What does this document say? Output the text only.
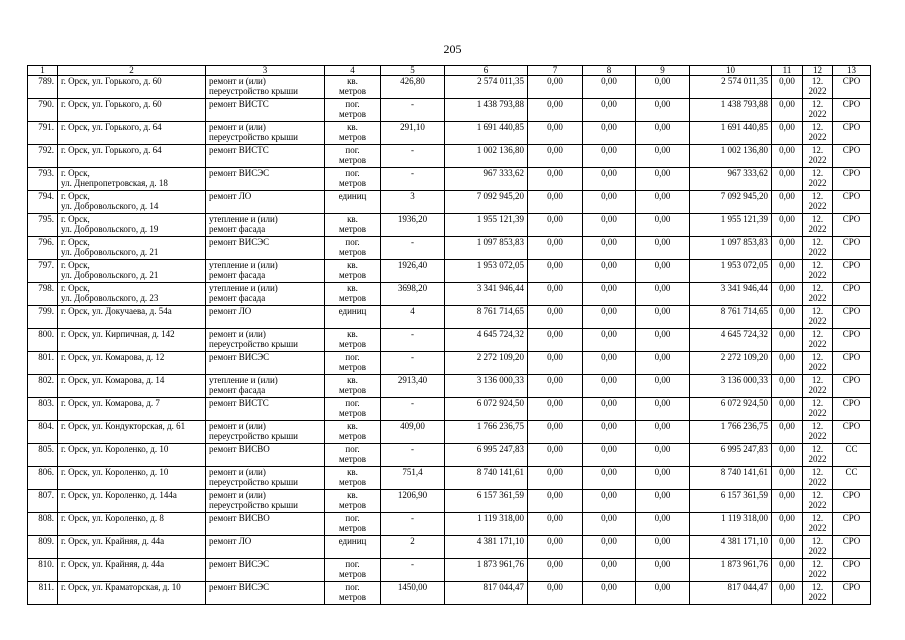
205
1	2	3	4	5	6	7	8	9	10	11	12	13
789.	г. Орск, ул. Горького, д. 60	ремонт и (или)
переустройство крыши	кв.
метров	426,80	2 574 011,35	0,00	0,00	0,00	2 574 011,35	0,00	12.
2022	СРО
790.	г. Орск, ул. Горького, д. 60	ремонт ВИСТС	пог.
метров	-	1 438 793,88	0,00	0,00	0,00	1 438 793,88	0,00	12.
2022	СРО
791.	г. Орск, ул. Горького, д. 64	ремонт и (или)
переустройство крыши	кв.
метров	291,10	1 691 440,85	0,00	0,00	0,00	1 691 440,85	0,00	12.
2022	СРО
792.	г. Орск, ул. Горького, д. 64	ремонт ВИСТС	пог.
метров	-	1 002 136,80	0,00	0,00	0,00	1 002 136,80	0,00	12.
2022	СРО
793.	г. Орск,
ул. Днепропетровская, д. 18	ремонт ВИСЭС	пог.
метров	-	967 333,62	0,00	0,00	0,00	967 333,62	0,00	12.
2022	СРО
794.	г. Орск,
ул. Добровольского, д. 14	ремонт ЛО	единиц	3	7 092 945,20	0,00	0,00	0,00	7 092 945,20	0,00	12.
2022	СРО
795.	г. Орск,
ул. Добровольского, д. 19	утепление и (или)
ремонт фасада	кв.
метров	1936,20	1 955 121,39	0,00	0,00	0,00	1 955 121,39	0,00	12.
2022	СРО
796.	г. Орск,
ул. Добровольского, д. 21	ремонт ВИСЭС	пог.
метров	-	1 097 853,83	0,00	0,00	0,00	1 097 853,83	0,00	12.
2022	СРО
797.	г. Орск,
ул. Добровольского, д. 21	утепление и (или)
ремонт фасада	кв.
метров	1926,40	1 953 072,05	0,00	0,00	0,00	1 953 072,05	0,00	12.
2022	СРО
798.	г. Орск,
ул. Добровольского, д. 23	утепление и (или)
ремонт фасада	кв.
метров	3698,20	3 341 946,44	0,00	0,00	0,00	3 341 946,44	0,00	12.
2022	СРО
799.	г. Орск, ул. Докучаева, д. 54а	ремонт ЛО	единиц	4	8 761 714,65	0,00	0,00	0,00	8 761 714,65	0,00	12.
2022	СРО
800.	г. Орск, ул. Кирпичная, д. 142	ремонт и (или)
переустройство крыши	кв.
метров	-	4 645 724,32	0,00	0,00	0,00	4 645 724,32	0,00	12.
2022	СРО
801.	г. Орск, ул. Комарова, д. 12	ремонт ВИСЭС	пог.
метров	-	2 272 109,20	0,00	0,00	0,00	2 272 109,20	0,00	12.
2022	СРО
802.	г. Орск, ул. Комарова, д. 14	утепление и (или)
ремонт фасада	кв.
метров	2913,40	3 136 000,33	0,00	0,00	0,00	3 136 000,33	0,00	12.
2022	СРО
803.	г. Орск, ул. Комарова, д. 7	ремонт ВИСТС	пог.
метров	-	6 072 924,50	0,00	0,00	0,00	6 072 924,50	0,00	12.
2022	СРО
804.	г. Орск, ул. Кондукторская, д. 61	ремонт и (или)
переустройство крыши	кв.
метров	409,00	1 766 236,75	0,00	0,00	0,00	1 766 236,75	0,00	12.
2022	СРО
805.	г. Орск, ул. Короленко, д. 10	ремонт ВИСВО	пог.
метров	-	6 995 247,83	0,00	0,00	0,00	6 995 247,83	0,00	12.
2022	СС
806.	г. Орск, ул. Короленко, д. 10	ремонт и (или)
переустройство крыши	кв.
метров	751,4	8 740 141,61	0,00	0,00	0,00	8 740 141,61	0,00	12.
2022	СС
807.	г. Орск, ул. Короленко, д. 144а	ремонт и (или)
переустройство крыши	кв.
метров	1206,90	6 157 361,59	0,00	0,00	0,00	6 157 361,59	0,00	12.
2022	СРО
808.	г. Орск, ул. Короленко, д. 8	ремонт ВИСВО	пог.
метров	-	1 119 318,00	0,00	0,00	0,00	1 119 318,00	0,00	12.
2022	СРО
809.	г. Орск, ул. Крайняя, д. 44а	ремонт ЛО	единиц	2	4 381 171,10	0,00	0,00	0,00	4 381 171,10	0,00	12.
2022	СРО
810.	г. Орск, ул. Крайняя, д. 44а	ремонт ВИСЭС	пог.
метров	-	1 873 961,76	0,00	0,00	0,00	1 873 961,76	0,00	12.
2022	СРО
811.	г. Орск, ул. Краматорская, д. 10	ремонт ВИСЭС	пог.
метров	1450,00	817 044,47	0,00	0,00	0,00	817 044,47	0,00	12.
2022	СРО
